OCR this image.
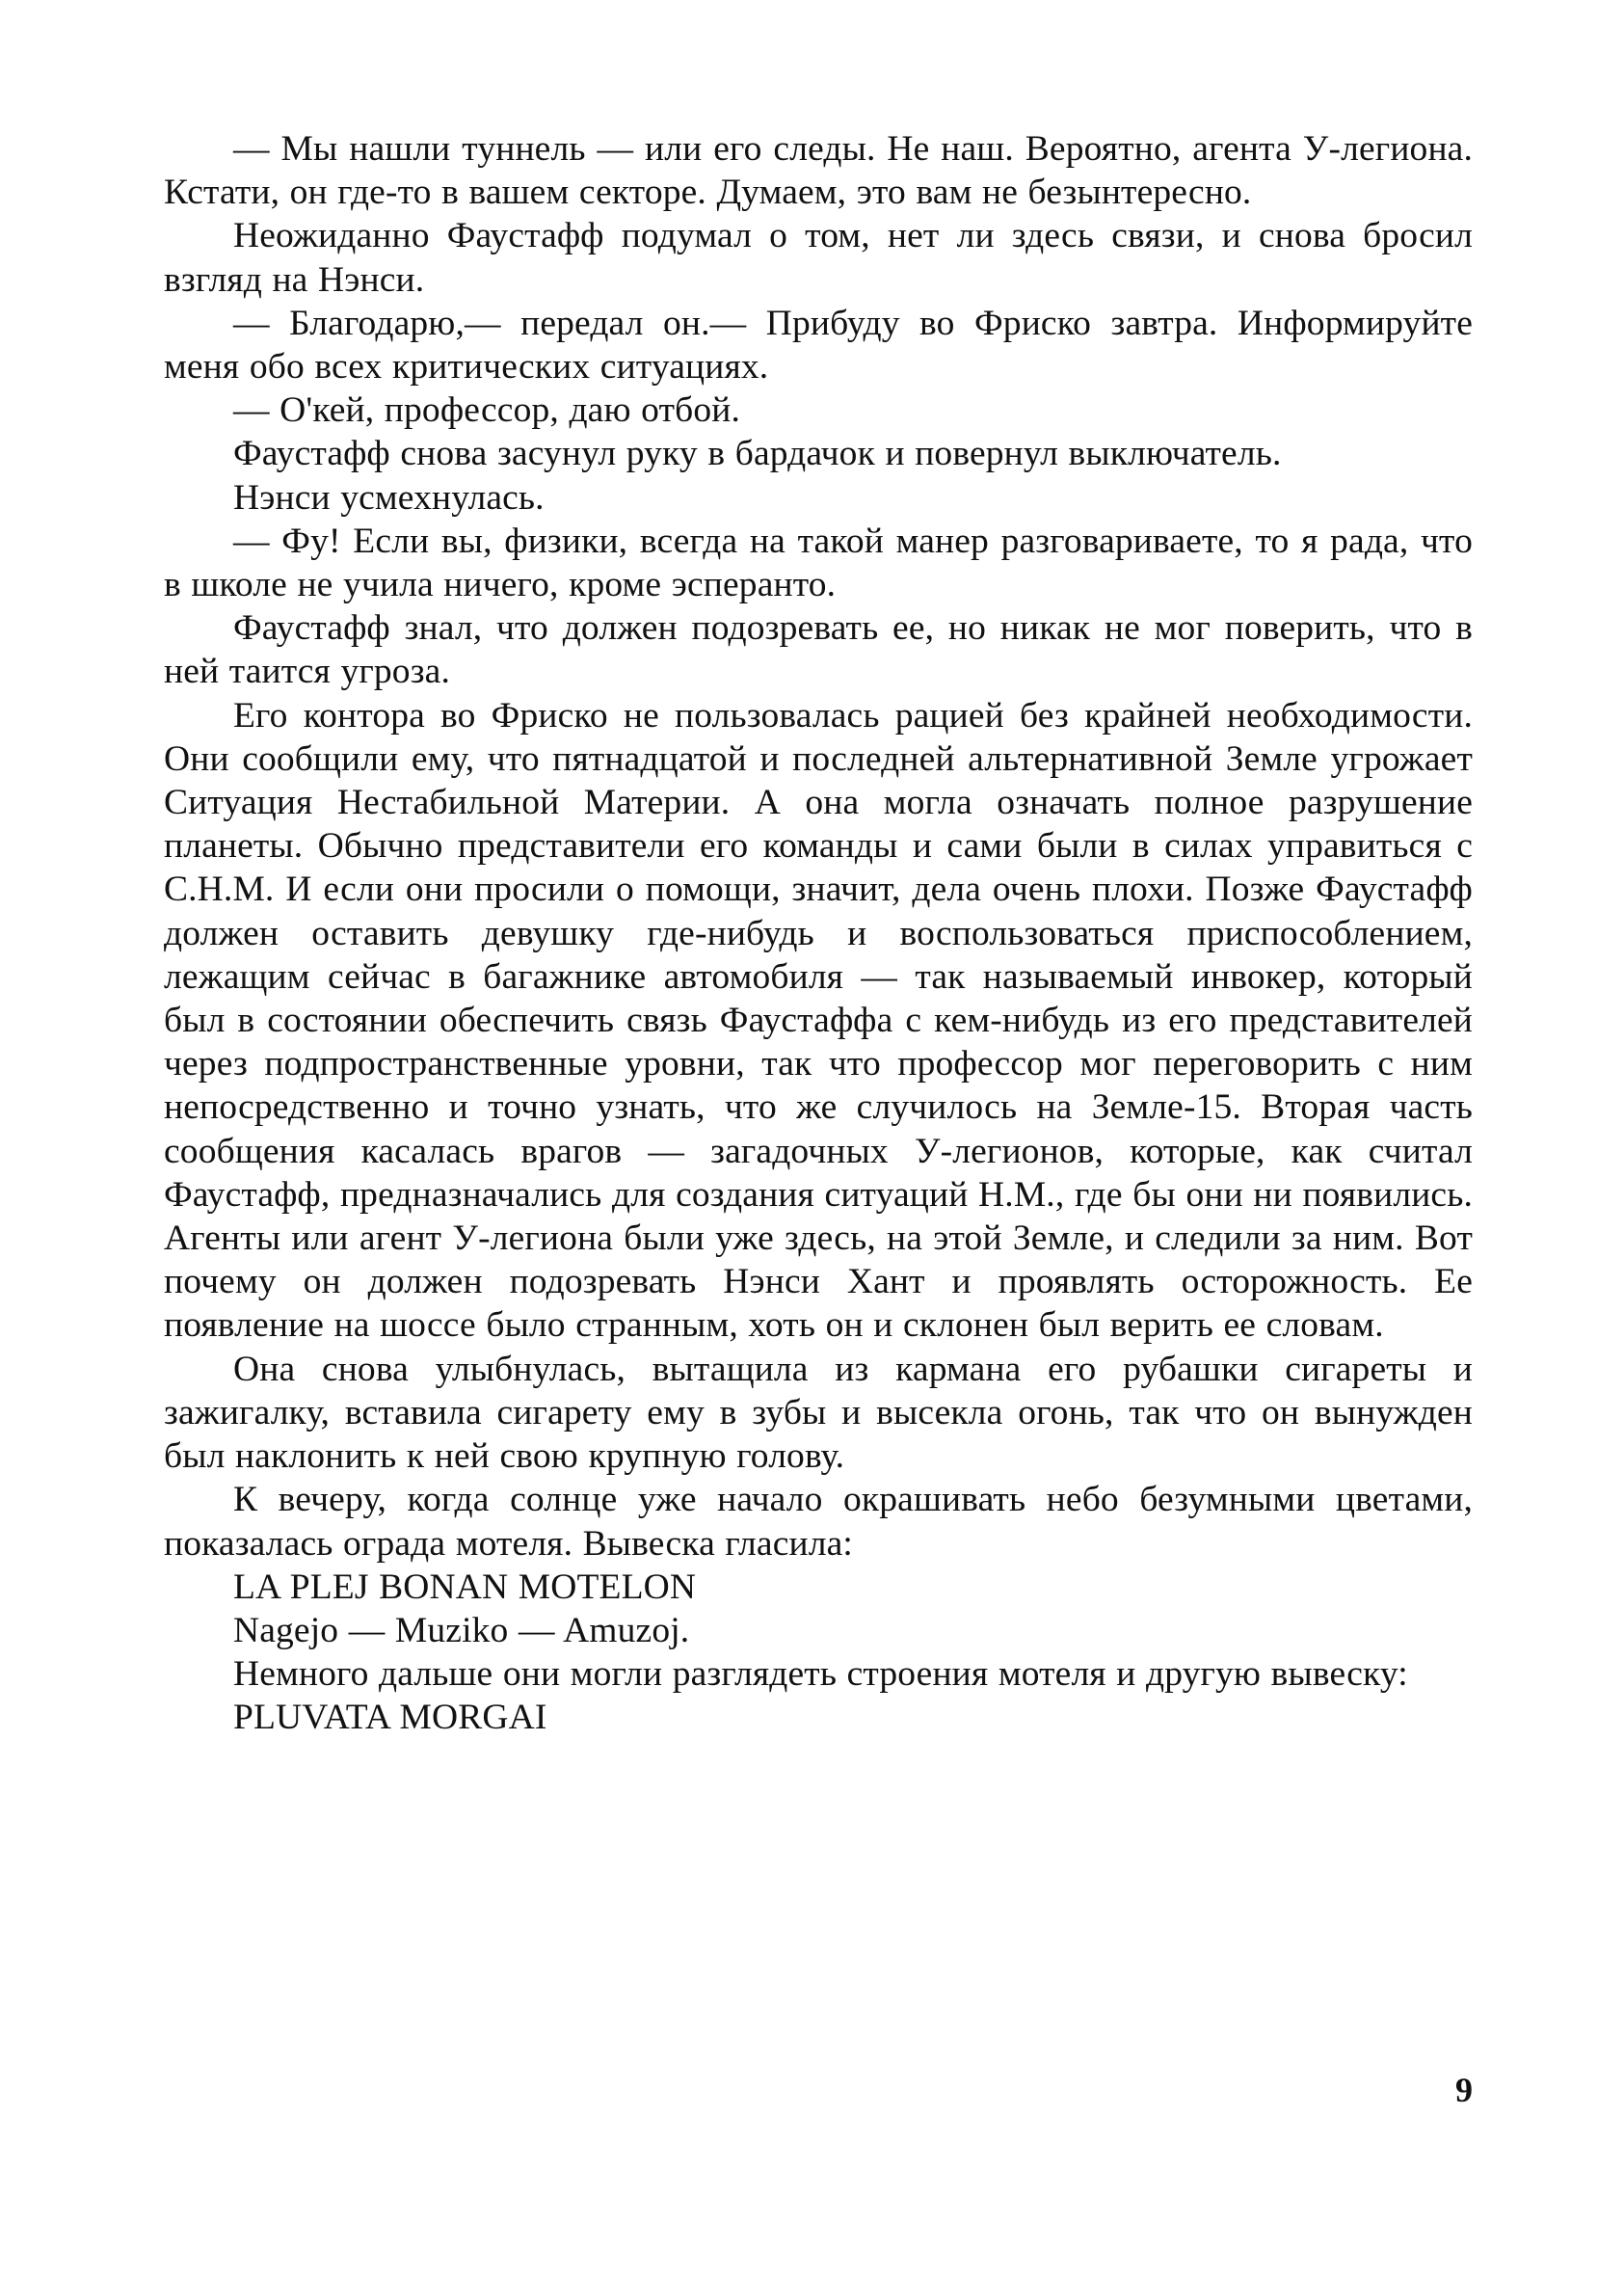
— Мы нашли туннель — или его следы. Не наш. Вероятно, агента У-легиона. Кстати, он где-то в вашем секторе. Думаем, это вам не безынтересно.

Неожиданно Фаустафф подумал о том, нет ли здесь связи, и снова бросил взгляд на Нэнси.

— Благодарю,— передал он.— Прибуду во Фриско завтра. Информируйте меня обо всех критических ситуациях.

— О'кей, профессор, даю отбой.

Фаустафф снова засунул руку в бардачок и повернул выключатель.

Нэнси усмехнулась.

— Фу! Если вы, физики, всегда на такой манер разговариваете, то я рада, что в школе не учила ничего, кроме эсперанто.

Фаустафф знал, что должен подозревать ее, но никак не мог поверить, что в ней таится угроза.

Его контора во Фриско не пользовалась рацией без крайней необходимости. Они сообщили ему, что пятнадцатой и последней альтернативной Земле угрожает Ситуация Нестабильной Материи. А она могла означать полное разрушение планеты. Обычно представители его команды и сами были в силах управиться с С.Н.М. И если они просили о помощи, значит, дела очень плохи. Позже Фаустафф должен оставить девушку где-нибудь и воспользоваться приспособлением, лежащим сейчас в багажнике автомобиля — так называемый инвокер, который был в состоянии обеспечить связь Фаустаффа с кем-нибудь из его представителей через подпространственные уровни, так что профессор мог переговорить с ним непосредственно и точно узнать, что же случилось на Земле-15. Вторая часть сообщения касалась врагов — загадочных У-легионов, которые, как считал Фаустафф, предназначались для создания ситуаций Н.М., где бы они ни появились. Агенты или агент У-легиона были уже здесь, на этой Земле, и следили за ним. Вот почему он должен подозревать Нэнси Хант и проявлять осторожность. Ее появление на шоссе было странным, хоть он и склонен был верить ее словам.

Она снова улыбнулась, вытащила из кармана его рубашки сигареты и зажигалку, вставила сигарету ему в зубы и высекла огонь, так что он вынужден был наклонить к ней свою крупную голову.

К вечеру, когда солнце уже начало окрашивать небо безумными цветами, показалась ограда мотеля. Вывеска гласила:

LA PLEJ BONAN MOTELON

Nagejo — Muziko — Amuzoj.

Немного дальше они могли разглядеть строения мотеля и другую вывеску:

PLUVATA MORGAI

9
